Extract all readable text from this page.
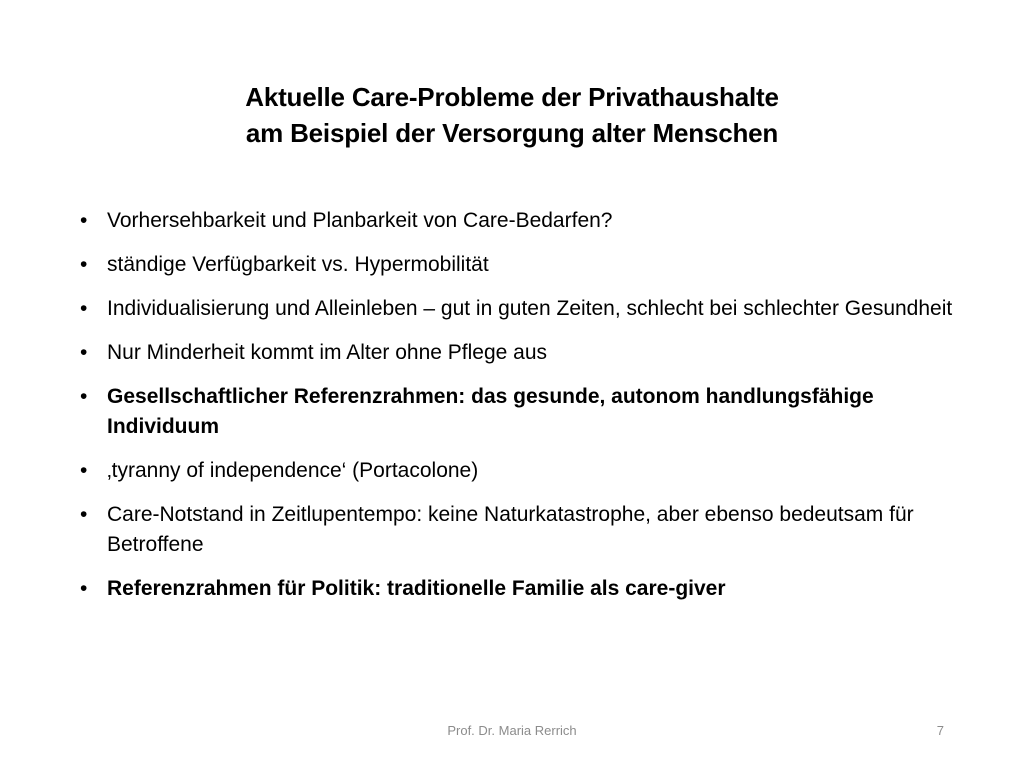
Aktuelle Care-Probleme der Privathaushalte
am Beispiel der Versorgung alter Menschen
• Vorhersehbarkeit und Planbarkeit von Care-Bedarfen?
• ständige Verfügbarkeit vs. Hypermobilität
• Individualisierung und Alleinleben – gut in guten Zeiten, schlecht bei schlechter Gesundheit
• Nur Minderheit kommt im Alter ohne Pflege aus
• Gesellschaftlicher Referenzrahmen: das gesunde, autonom handlungsfähige Individuum
• ‚tyranny of independence‘ (Portacolone)
• Care-Notstand in Zeitlupentempo: keine Naturkatastrophe, aber ebenso bedeutsam für Betroffene
• Referenzrahmen für Politik: traditionelle Familie als care-giver
Prof. Dr. Maria Rerrich	7
